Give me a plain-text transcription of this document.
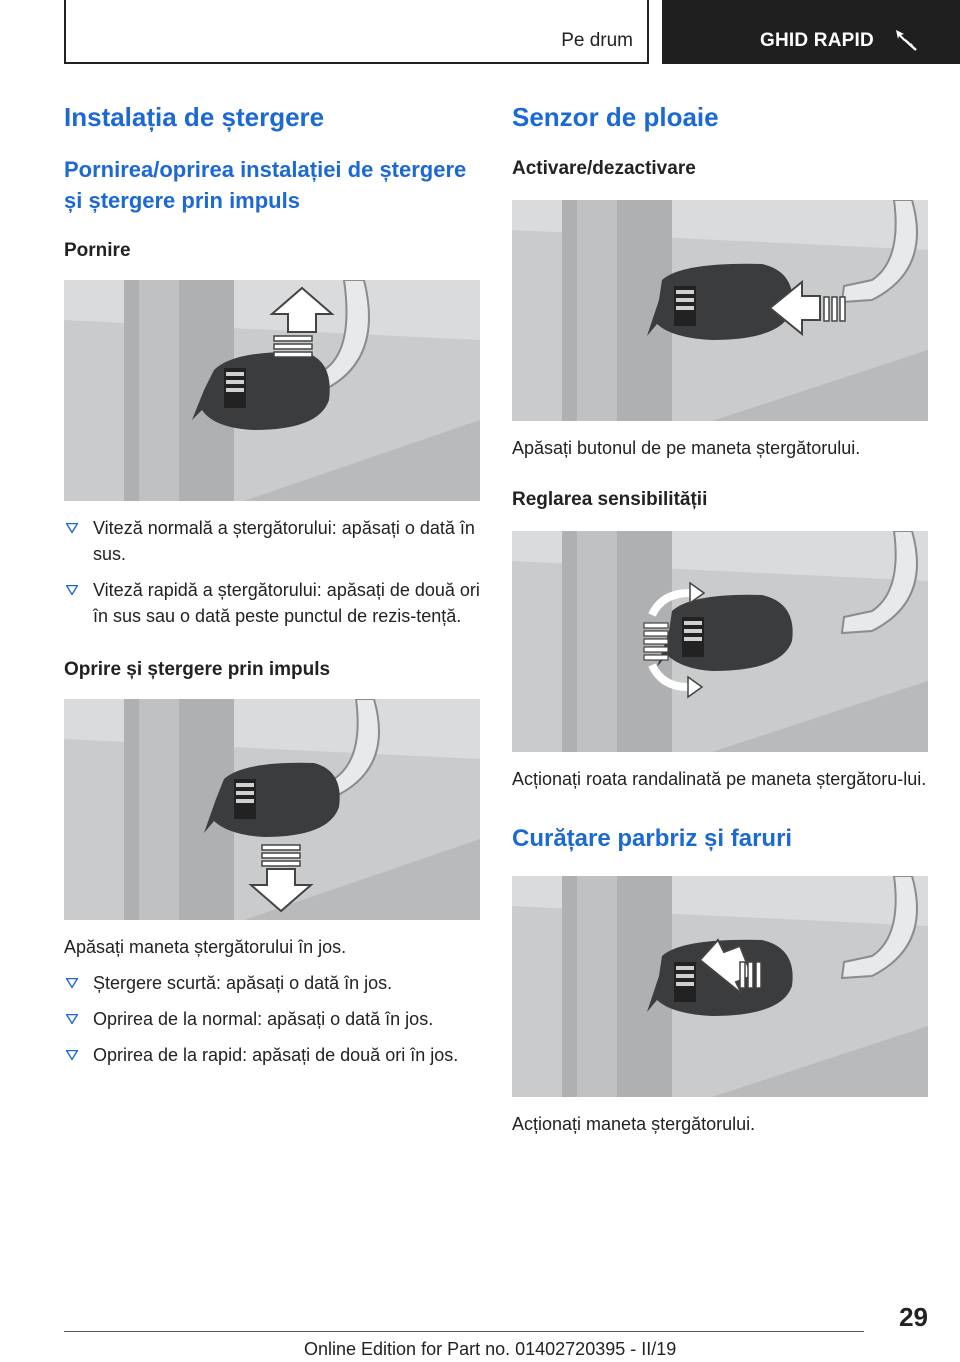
Pe drum	GHID RAPID
Instalația de ștergere
Pornirea/oprirea instalației de ștergere și ștergere prin impuls
Pornire
Viteză normală a ștergătorului: apăsați o dată în sus.
Viteză rapidă a ștergătorului: apăsați de două ori în sus sau o dată peste punctul de rezis-tență.
Oprire și ștergere prin impuls
Apăsați maneta ștergătorului în jos.
Ștergere scurtă: apăsați o dată în jos.
Oprirea de la normal: apăsați o dată în jos.
Oprirea de la rapid: apăsați de două ori în jos.
Senzor de ploaie
Activare/dezactivare
Apăsați butonul de pe maneta ștergătorului.
Reglarea sensibilității
Acționați roata randalinată pe maneta ștergătoru-lui.
Curățare parbriz și faruri
Acționați maneta ștergătorului.
29
Online Edition for Part no. 01402720395 - II/19
